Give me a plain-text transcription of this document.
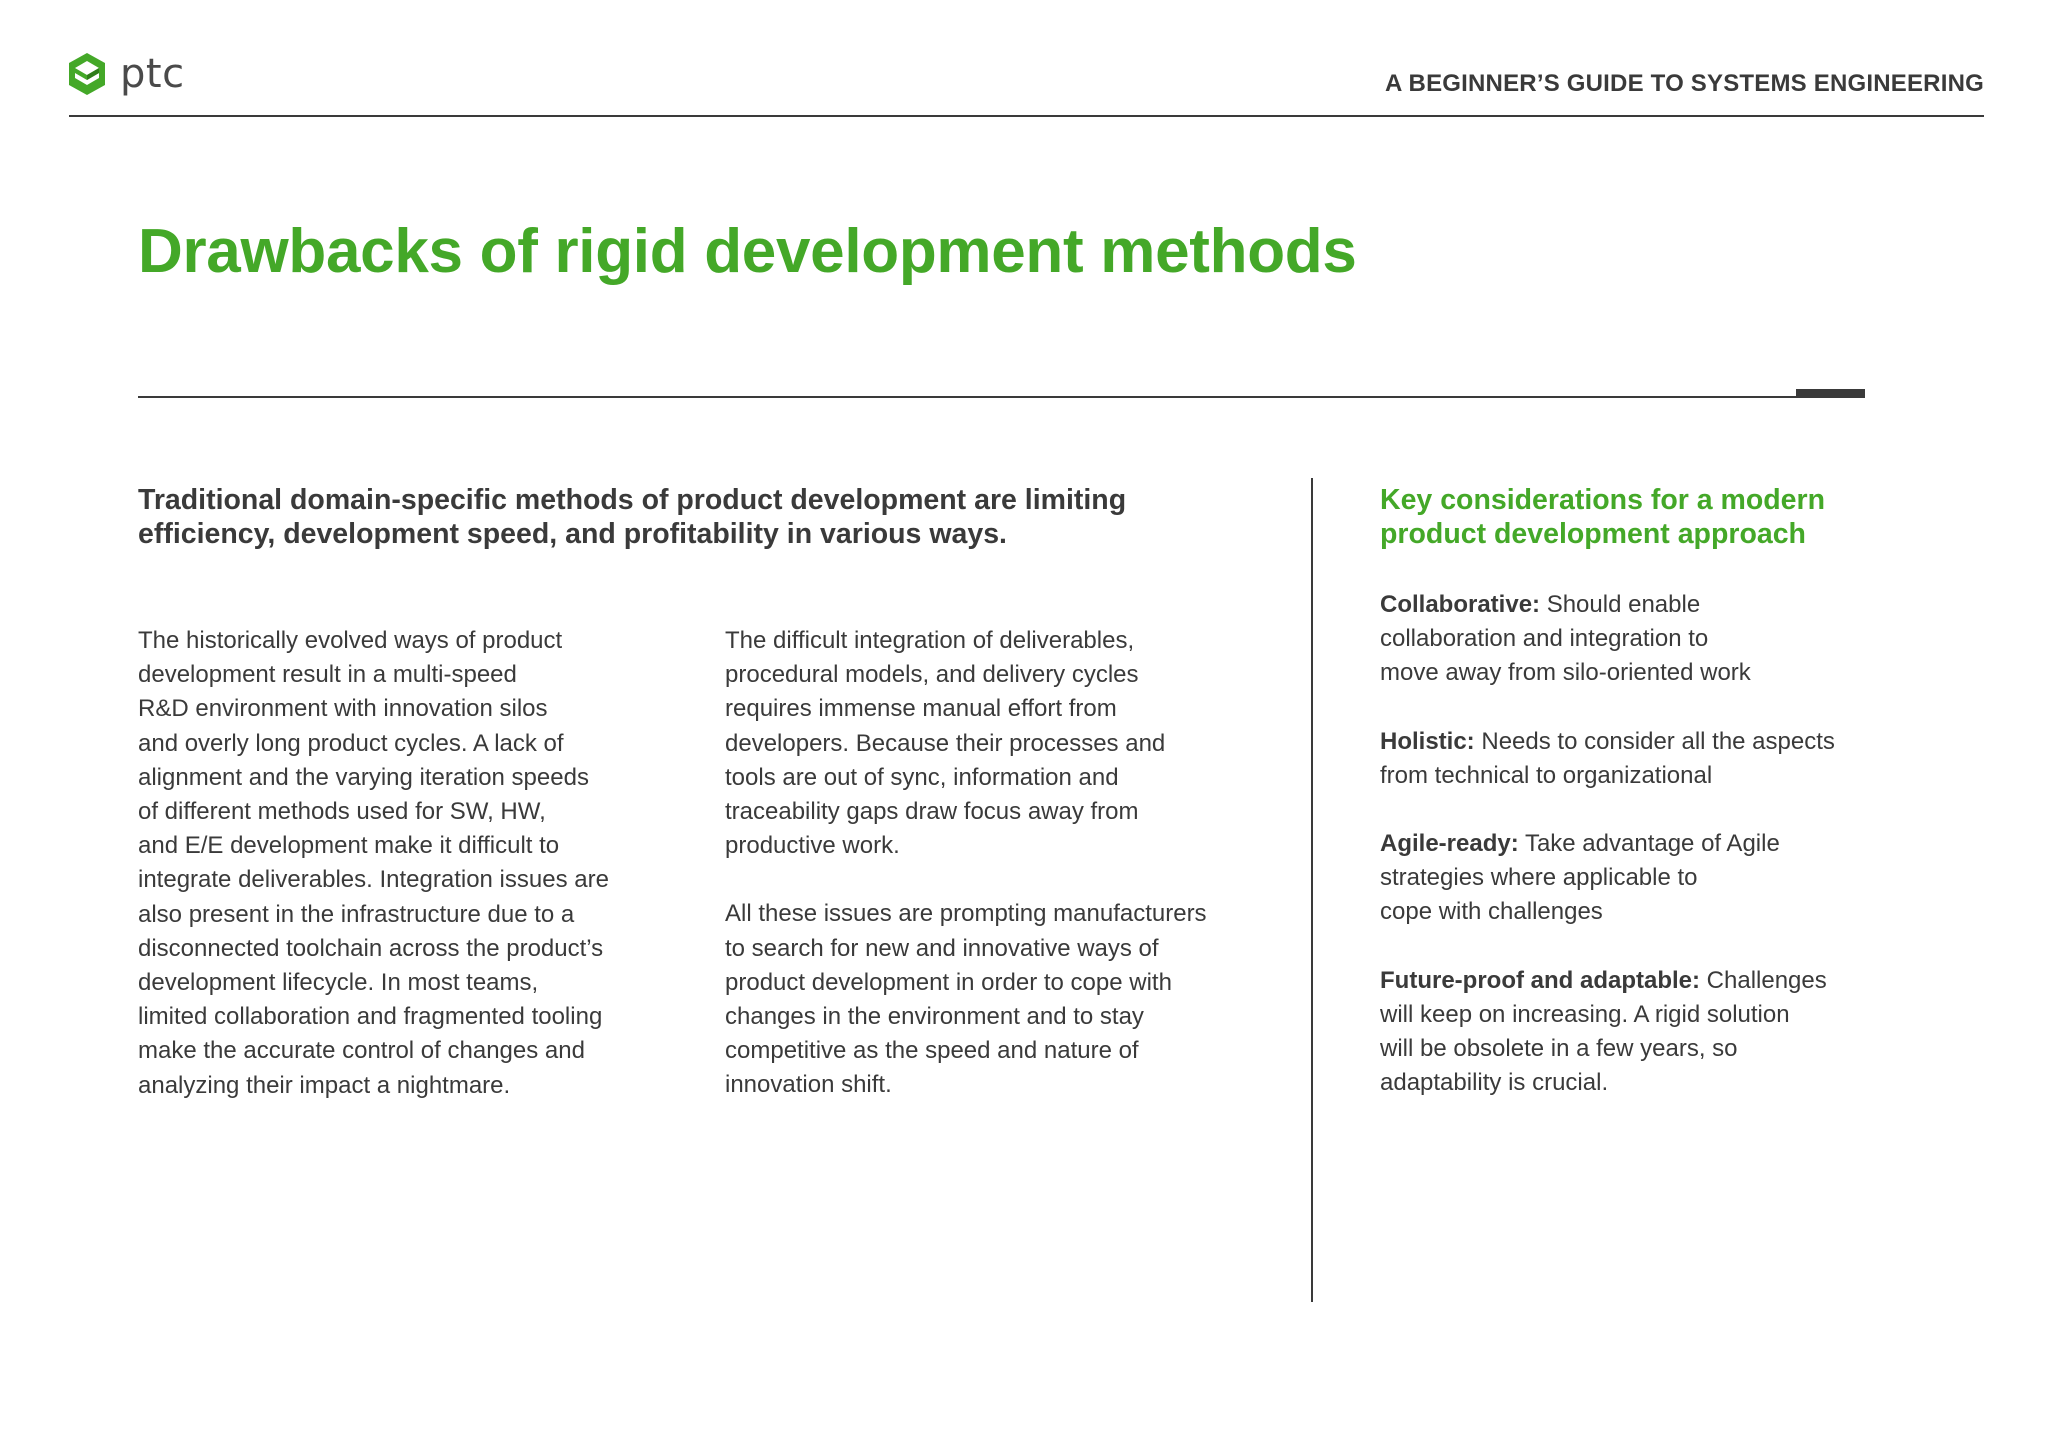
ptc	A BEGINNER’S GUIDE TO SYSTEMS ENGINEERING
Drawbacks of rigid development methods

Traditional domain-specific methods of product development are limiting
efficiency, development speed, and profitability in various ways.

The historically evolved ways of product
development result in a multi-speed
R&D environment with innovation silos
and overly long product cycles. A lack of
alignment and the varying iteration speeds
of different methods used for SW, HW,
and E/E development make it difficult to
integrate deliverables. Integration issues are
also present in the infrastructure due to a
disconnected toolchain across the product’s
development lifecycle. In most teams,
limited collaboration and fragmented tooling
make the accurate control of changes and
analyzing their impact a nightmare.
The difficult integration of deliverables,
procedural models, and delivery cycles
requires immense manual effort from
developers. Because their processes and
tools are out of sync, information and
traceability gaps draw focus away from
productive work.
All these issues are prompting manufacturers
to search for new and innovative ways of
product development in order to cope with
changes in the environment and to stay
competitive as the speed and nature of
innovation shift.
Key considerations for a modern
product development approach
Collaborative: Should enable
collaboration and integration to
move away from silo-oriented work
Holistic: Needs to consider all the aspects
from technical to organizational
Agile-ready: Take advantage of Agile
strategies where applicable to
cope with challenges
Future-proof and adaptable: Challenges
will keep on increasing. A rigid solution
will be obsolete in a few years, so
adaptability is crucial.
